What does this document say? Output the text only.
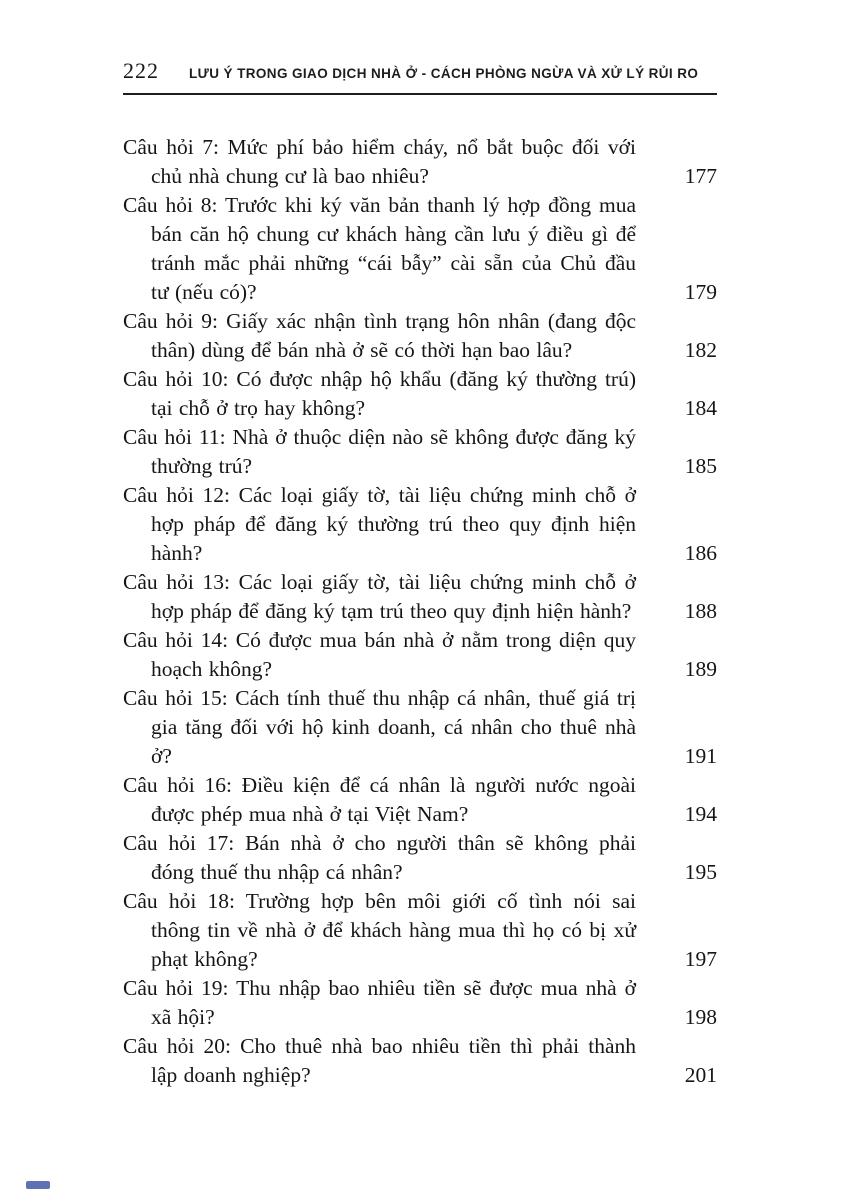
222 LƯU Ý TRONG GIAO DỊCH NHÀ Ở - CÁCH PHÒNG NGỪA VÀ XỬ LÝ RỦI RO
Câu hỏi 7: Mức phí bảo hiểm cháy, nổ bắt buộc đối với chủ nhà chung cư là bao nhiêu?	177
Câu hỏi 8: Trước khi ký văn bản thanh lý hợp đồng mua bán căn hộ chung cư khách hàng cần lưu ý điều gì để tránh mắc phải những “cái bẫy” cài sẵn của Chủ đầu tư (nếu có)?	179
Câu hỏi 9: Giấy xác nhận tình trạng hôn nhân (đang độc thân) dùng để bán nhà ở sẽ có thời hạn bao lâu?	182
Câu hỏi 10: Có được nhập hộ khẩu (đăng ký thường trú) tại chỗ ở trọ hay không?	184
Câu hỏi 11: Nhà ở thuộc diện nào sẽ không được đăng ký thường trú?	185
Câu hỏi 12: Các loại giấy tờ, tài liệu chứng minh chỗ ở hợp pháp để đăng ký thường trú theo quy định hiện hành?	186
Câu hỏi 13: Các loại giấy tờ, tài liệu chứng minh chỗ ở hợp pháp để đăng ký tạm trú theo quy định hiện hành? 188
Câu hỏi 14: Có được mua bán nhà ở nằm trong diện quy hoạch không?	189
Câu hỏi 15: Cách tính thuế thu nhập cá nhân, thuế giá trị gia tăng đối với hộ kinh doanh, cá nhân cho thuê nhà ở?	191
Câu hỏi 16: Điều kiện để cá nhân là người nước ngoài được phép mua nhà ở tại Việt Nam?	194
Câu hỏi 17: Bán nhà ở cho người thân sẽ không phải đóng thuế thu nhập cá nhân?	195
Câu hỏi 18: Trường hợp bên môi giới cố tình nói sai thông tin về nhà ở để khách hàng mua thì họ có bị xử phạt không?	197
Câu hỏi 19: Thu nhập bao nhiêu tiền sẽ được mua nhà ở xã hội?	198
Câu hỏi 20: Cho thuê nhà bao nhiêu tiền thì phải thành lập doanh nghiệp?	201
